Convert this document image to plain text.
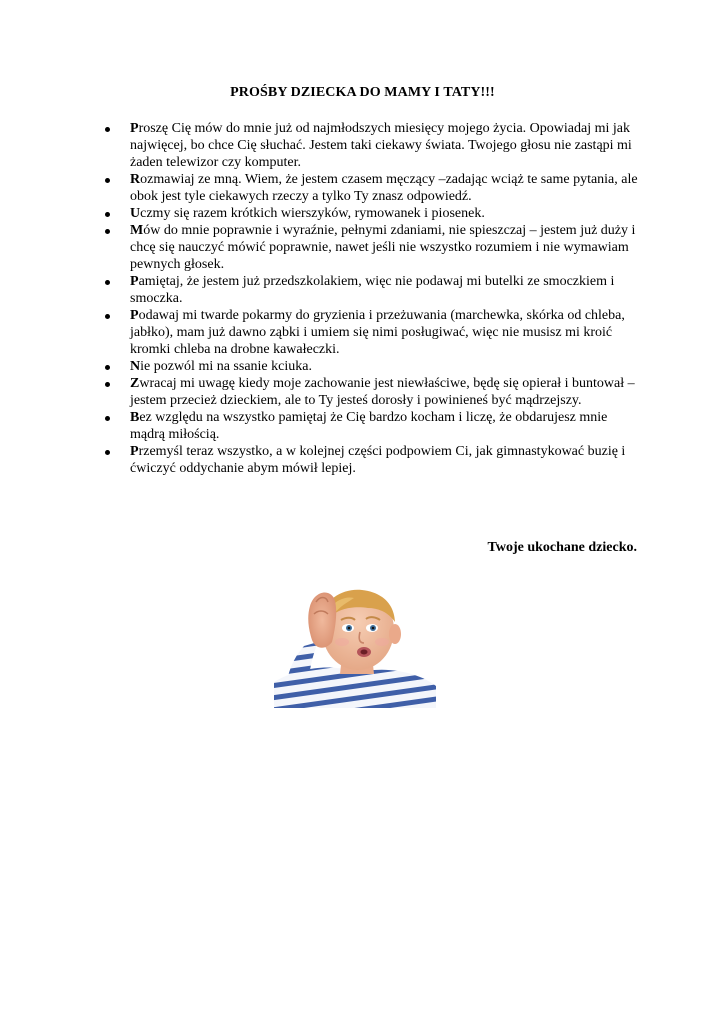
PROŚBY DZIECKA DO MAMY I TATY!!!
Proszę Cię mów do mnie już od najmłodszych miesięcy mojego życia. Opowiadaj mi jak najwięcej, bo chce Cię słuchać. Jestem taki ciekawy świata. Twojego głosu nie zastąpi mi żaden telewizor czy komputer.
Rozmawiaj ze mną. Wiem, że jestem czasem męczący –zadając wciąż te same pytania, ale obok jest tyle ciekawych rzeczy a tylko Ty znasz odpowiedź.
Uczmy się razem krótkich wierszyków, rymowanek i piosenek.
Mów do mnie poprawnie i wyraźnie, pełnymi zdaniami, nie spieszczaj – jestem już duży i chcę się nauczyć mówić poprawnie, nawet jeśli nie wszystko rozumiem i nie wymawiam pewnych głosek.
Pamiętaj, że jestem już przedszkolakiem, więc nie podawaj mi butelki ze smoczkiem i smoczka.
Podawaj mi twarde pokarmy do gryzienia i przeżuwania (marchewka, skórka od chleba, jabłko), mam już dawno ząbki i umiem się nimi posługiwać, więc nie musisz mi kroić kromki chleba na drobne kawałeczki.
Nie pozwól mi na ssanie kciuka.
Zwracaj mi uwagę kiedy moje zachowanie jest niewłaściwe, będę się opierał i buntował – jestem przecież dzieckiem, ale to Ty jesteś dorosły i powinieneś być mądrzejszy.
Bez względu na wszystko pamiętaj że Cię bardzo kocham i liczę, że obdarujesz mnie mądrą miłością.
Przemyśl teraz wszystko, a w kolejnej części podpowiem Ci, jak gimnastykować buzię i ćwiczyć oddychanie abym mówił lepiej.
Twoje ukochane dziecko.
